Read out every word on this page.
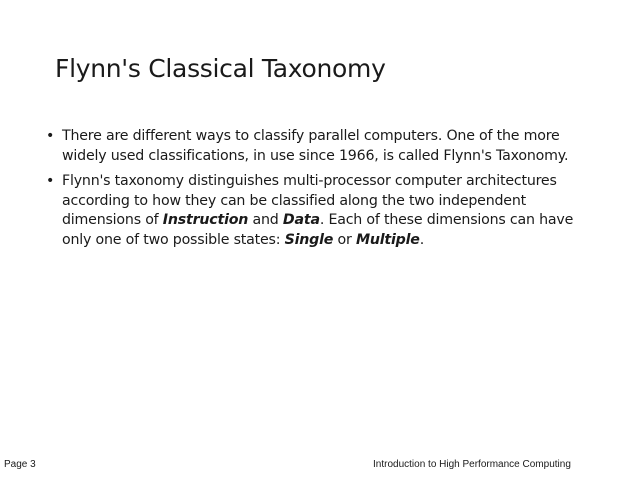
Flynn's Classical Taxonomy
• There are different ways to classify parallel computers. One of the more widely used classifications, in use since 1966, is called Flynn's Taxonomy.
• Flynn's taxonomy distinguishes multi-processor computer architectures according to how they can be classified along the two independent dimensions of Instruction and Data. Each of these dimensions can have only one of two possible states: Single or Multiple.
Page 3	Introduction to High Performance Computing
